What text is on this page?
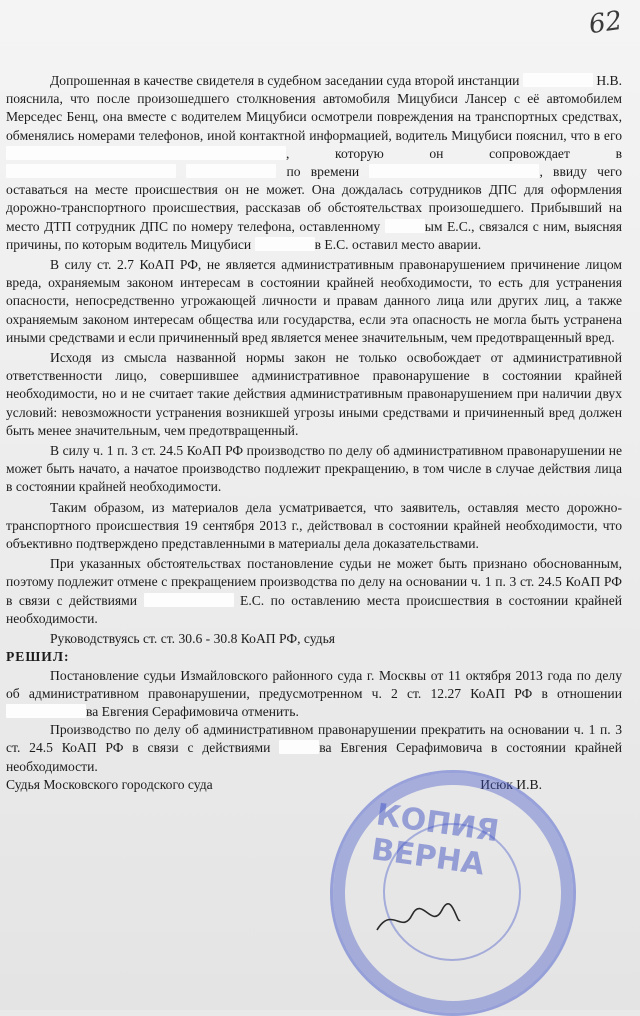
62

Допрошенная в качестве свидетеля в судебном заседании суда второй инстанции	Н.В. пояснила, что после произошедшего столкновения автомобиля Мицубиси Лансер с её автомобилем Мерседес Бенц, она вместе с водителем Мицубиси осмотрели повреждения на транспортных средствах, обменялись номерами телефонов, иной контактной информацией, водитель Мицубиси пояснил, что в его , которую он сопровождает в   по времени	, ввиду чего оставаться на месте происшествия он не может. Она дождалась сотрудников ДПС для оформления дорожно-транспортного происшествия, рассказав об обстоятельствах произошедшего. Прибывший на место ДТП сотрудник ДПС по номеру телефона, оставленному	ым Е.С., связался с ним, выясняя причины, по которым водитель Мицубиси	в Е.С. оставил место аварии.

В силу ст. 2.7 КоАП РФ, не является административным правонарушением причинение лицом вреда, охраняемым законом интересам в состоянии крайней необходимости, то есть для устранения опасности, непосредственно угрожающей личности и правам данного лица или других лиц, а также охраняемым законом интересам общества или государства, если эта опасность не могла быть устранена иными средствами и если причиненный вред является менее значительным, чем предотвращенный вред.

Исходя из смысла названной нормы закон не только освобождает от административной ответственности лицо, совершившее административное правонарушение в состоянии крайней необходимости, но и не считает такие действия административным правонарушением при наличии двух условий: невозможности устранения возникшей угрозы иными средствами и причиненный вред должен быть менее значительным, чем предотвращенный.

В силу ч. 1 п. 3 ст. 24.5 КоАП РФ производство по делу об административном правонарушении не может быть начато, а начатое производство подлежит прекращению, в том числе в случае действия лица в состоянии крайней необходимости.

Таким образом, из материалов дела усматривается, что заявитель, оставляя место дорожно-транспортного происшествия 19 сентября 2013 г., действовал в состоянии крайней необходимости, что объективно подтверждено представленными в материалы дела доказательствами.

При указанных обстоятельствах постановление судьи не может быть признано обоснованным, поэтому подлежит отмене с прекращением производства по делу на основании ч. 1 п. 3 ст. 24.5 КоАП РФ в связи с действиями	Е.С. по оставлению места происшествия в состоянии крайней необходимости.

Руководствуясь ст. ст. 30.6 - 30.8 КоАП РФ, судья

РЕШИЛ:

Постановление судьи Измайловского районного суда г. Москвы от 11 октября 2013 года по делу об административном правонарушении, предусмотренном ч. 2 ст. 12.27 КоАП РФ в отношении ва Евгения Серафимовича отменить.

Производство по делу об административном правонарушении прекратить на основании ч. 1 п. 3 ст. 24.5 КоАП РФ в связи с действиями	ва Евгения Серафимовича в состоянии крайней необходимости.

Судья Московского городского суда	Исюк И.В.

КОПИЯ ВЕРНА
